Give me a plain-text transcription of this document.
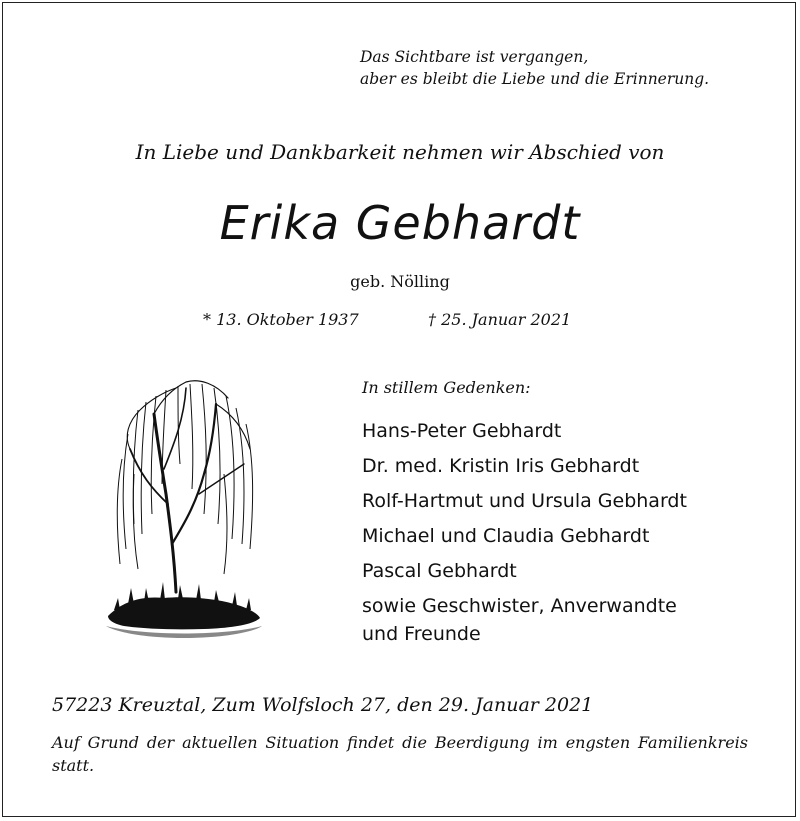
Das Sichtbare ist vergangen,
aber es bleibt die Liebe und die Erinnerung.
In Liebe und Dankbarkeit nehmen wir Abschied von
Erika Gebhardt
geb. Nölling
* 13. Oktober 1937	† 25. Januar 2021
In stillem Gedenken:
Hans-Peter Gebhardt
Dr. med. Kristin Iris Gebhardt
Rolf-Hartmut und Ursula Gebhardt
Michael und Claudia Gebhardt
Pascal Gebhardt
sowie Geschwister, Anverwandte
und Freunde
57223 Kreuztal, Zum Wolfsloch 27, den 29. Januar 2021
Auf Grund der aktuellen Situation findet die Beerdigung im engsten Familienkreis statt.
